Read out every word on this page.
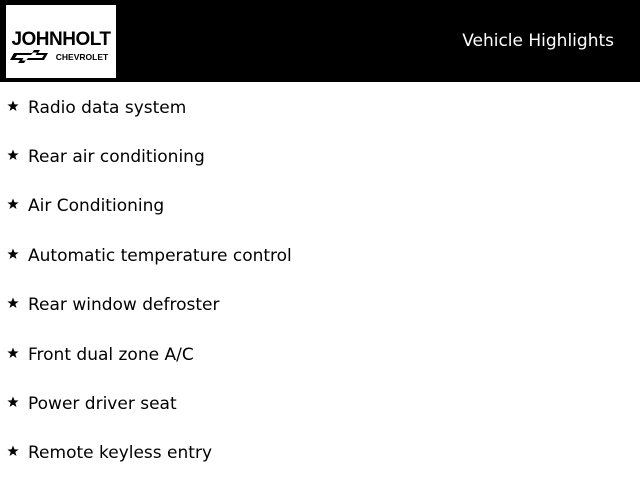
JOHNHOLT
CHEVROLET
Vehicle Highlights
Radio data system
Rear air conditioning
Air Conditioning
Automatic temperature control
Rear window defroster
Front dual zone A/C
Power driver seat
Remote keyless entry
